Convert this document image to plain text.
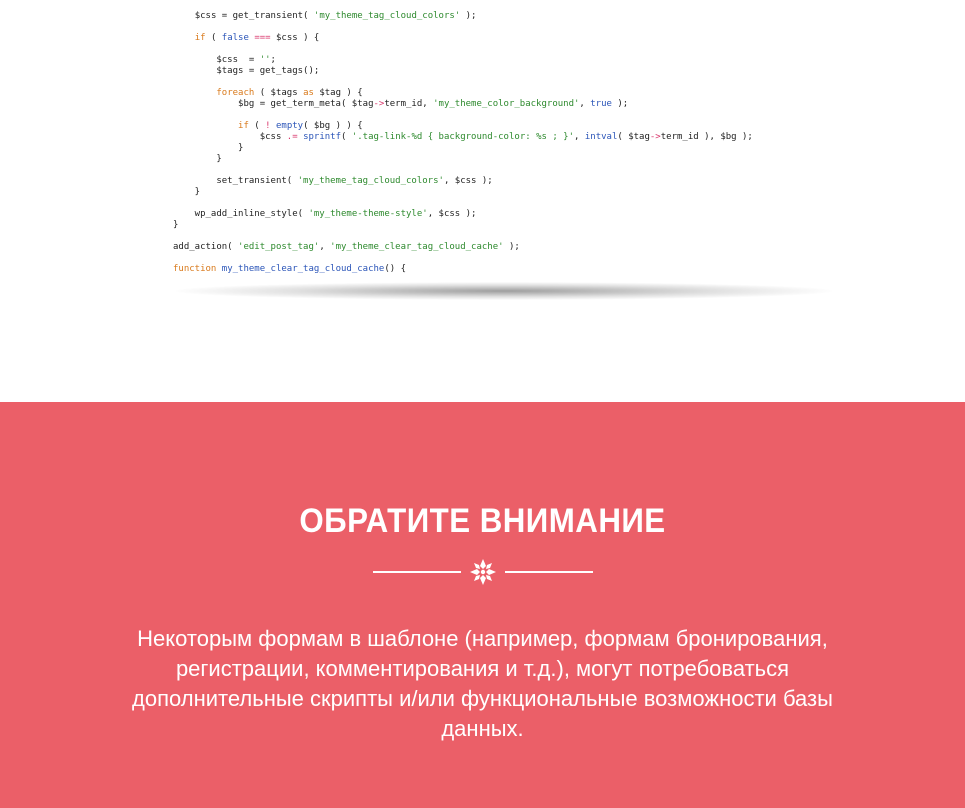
$css = get_transient( 'my_theme_tag_cloud_colors' );
if ( false === $css ) {
$css  = '';
$tags = get_tags();
foreach ( $tags as $tag ) {
$bg = get_term_meta( $tag->term_id, 'my_theme_color_background', true );
if ( ! empty( $bg ) ) {
$css .= sprintf( '.tag-link-%d { background-color: %s ; }', intval( $tag->term_id ), $bg );
}
}
set_transient( 'my_theme_tag_cloud_colors', $css );
}
wp_add_inline_style( 'my_theme-theme-style', $css );
}
add_action( 'edit_post_tag', 'my_theme_clear_tag_cloud_cache' );
function my_theme_clear_tag_cloud_cache() {
ОБРАТИТЕ ВНИМАНИЕ
Некоторым формам в шаблоне (например, формам бронирования, регистрации, комментирования и т.д.), могут потребоваться дополнительные скрипты и/или функциональные возможности базы данных.
